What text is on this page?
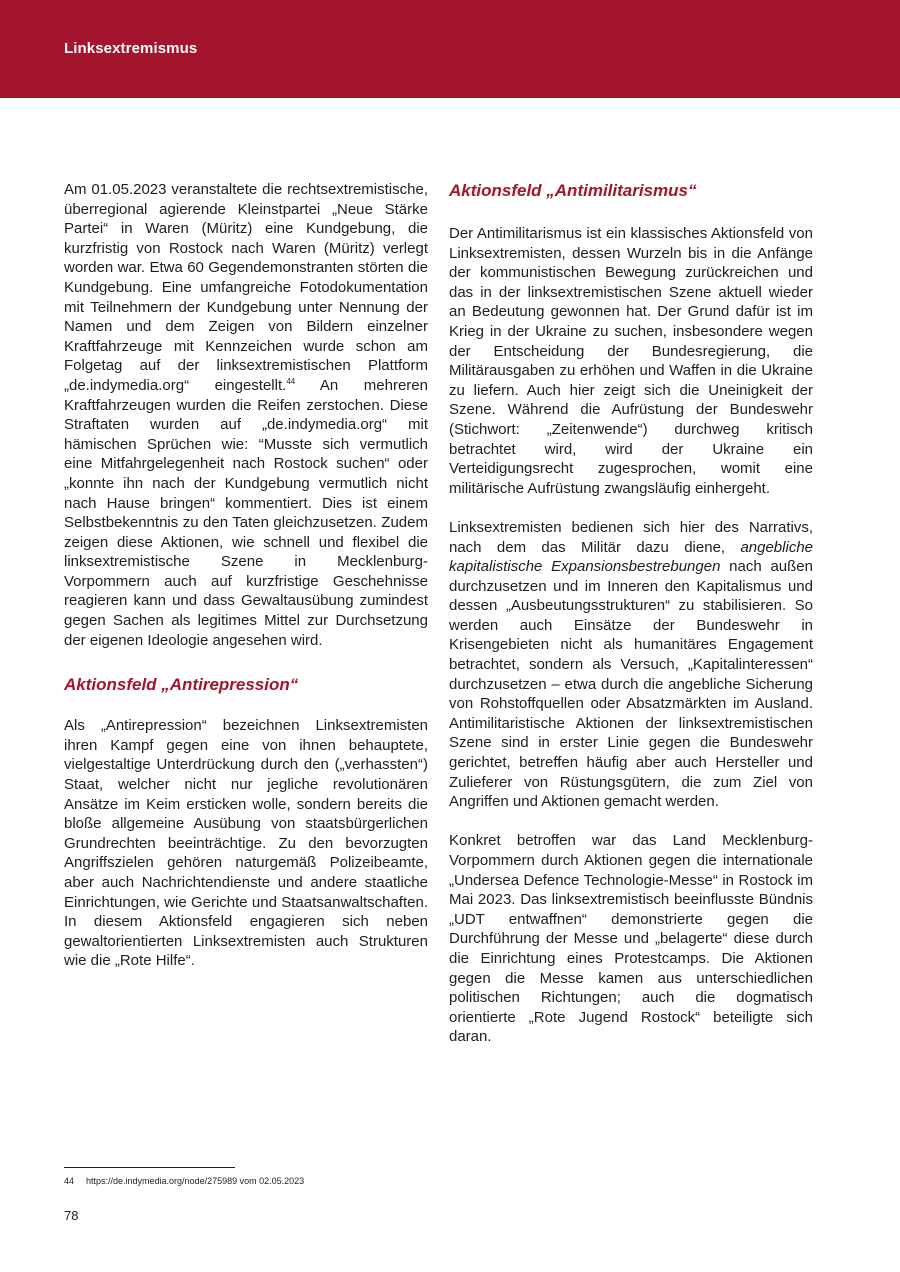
Linksextremismus

Am 01.05.2023 veranstaltete die rechtsextremistische, überregional agierende Kleinstpartei „Neue Stärke Partei“ in Waren (Müritz) eine Kundgebung, die kurzfristig von Rostock nach Waren (Müritz) verlegt worden war. Etwa 60 Gegendemonstranten störten die Kundgebung. Eine umfangreiche Fotodokumentation mit Teilnehmern der Kundgebung unter Nennung der Namen und dem Zeigen von Bildern einzelner Kraftfahrzeuge mit Kennzeichen wurde schon am Folgetag auf der linksextremistischen Plattform „de.indymedia.org“ eingestellt.$^{44}$ An mehreren Kraftfahrzeugen wurden die Reifen zerstochen. Diese Straftaten wurden auf „de.indymedia.org“ mit hämischen Sprüchen wie: “Musste sich vermutlich eine Mitfahrgelegenheit nach Rostock suchen“ oder „konnte ihn nach der Kundgebung vermutlich nicht nach Hause bringen“ kommentiert. Dies ist einem Selbstbekenntnis zu den Taten gleichzusetzen. Zudem zeigen diese Aktionen, wie schnell und flexibel die linksextremistische Szene in Mecklenburg-Vorpommern auch auf kurzfristige Geschehnisse reagieren kann und dass Gewaltausübung zumindest gegen Sachen als legitimes Mittel zur Durchsetzung der eigenen Ideologie angesehen wird.

Aktionsfeld „Antirepression“

Als „Antirepression“ bezeichnen Linksextremisten ihren Kampf gegen eine von ihnen behauptete, vielgestaltige Unterdrückung durch den („verhassten“) Staat, welcher nicht nur jegliche revolutionären Ansätze im Keim ersticken wolle, sondern bereits die bloße allgemeine Ausübung von staatsbürgerlichen Grundrechten beeinträchtige. Zu den bevorzugten Angriffszielen gehören naturgemäß Polizeibeamte, aber auch Nachrichtendienste und andere staatliche Einrichtungen, wie Gerichte und Staatsanwaltschaften. In diesem Aktionsfeld engagieren sich neben gewaltorientierten Linksextremisten auch Strukturen wie die „Rote Hilfe“.

Aktionsfeld „Antimilitarismus“

Der Antimilitarismus ist ein klassisches Aktionsfeld von Linksextremisten, dessen Wurzeln bis in die Anfänge der kommunistischen Bewegung zurückreichen und das in der linksextremistischen Szene aktuell wieder an Bedeutung gewonnen hat. Der Grund dafür ist im Krieg in der Ukraine zu suchen, insbesondere wegen der Entscheidung der Bundesregierung, die Militärausgaben zu erhöhen und Waffen in die Ukraine zu liefern. Auch hier zeigt sich die Uneinigkeit der Szene. Während die Aufrüstung der Bundeswehr (Stichwort: „Zeitenwende“) durchweg kritisch betrachtet wird, wird der Ukraine ein Verteidigungsrecht zugesprochen, womit eine militärische Aufrüstung zwangsläufig einhergeht.

Linksextremisten bedienen sich hier des Narrativs, nach dem das Militär dazu diene, angebliche kapitalistische Expansionsbestrebungen nach außen durchzusetzen und im Inneren den Kapitalismus und dessen „Ausbeutungsstrukturen“ zu stabilisieren. So werden auch Einsätze der Bundeswehr in Krisengebieten nicht als humanitäres Engagement betrachtet, sondern als Versuch, „Kapitalinteressen“ durchzusetzen – etwa durch die angebliche Sicherung von Rohstoffquellen oder Absatzmärkten im Ausland. Antimilitaristische Aktionen der linksextremistischen Szene sind in erster Linie gegen die Bundeswehr gerichtet, betreffen häufig aber auch Hersteller und Zulieferer von Rüstungsgütern, die zum Ziel von Angriffen und Aktionen gemacht werden.

Konkret betroffen war das Land Mecklenburg-Vorpommern durch Aktionen gegen die internationale „Undersea Defence Technologie-Messe“ in Rostock im Mai 2023. Das linksextremistisch beeinflusste Bündnis „UDT entwaffnen“ demonstrierte gegen die Durchführung der Messe und „belagerte“ diese durch die Einrichtung eines Protestcamps. Die Aktionen gegen die Messe kamen aus unterschiedlichen politischen Richtungen; auch die dogmatisch orientierte „Rote Jugend Rostock“ beteiligte sich daran.

44 https://de.indymedia.org/node/275989 vom 02.05.2023
78
